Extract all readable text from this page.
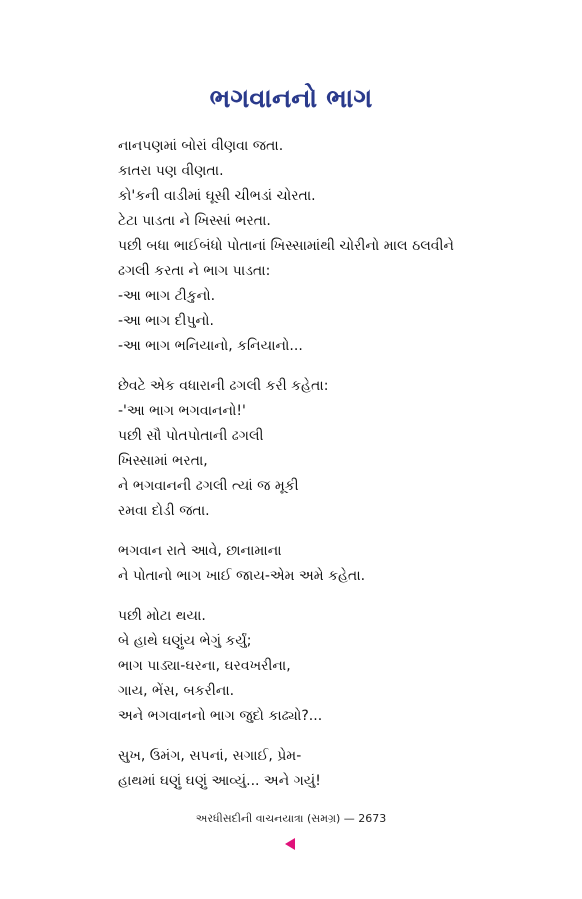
ભગવાનનો ભાગ
નાનપણમાં બોરાં વીણવા જતા.
કાતરા પણ વીણતા.
કો'કની વાડીમાં ઘૂસી ચીભડાં ચોરતા.
ટેટા પાડતા ને ખિસ્સાં ભરતા.
પછી બધા ભાઈબંધો પોતાનાં ખિસ્સામાંથી ચોરીનો માલ ઠલવીને
ઢગલી કરતા ને ભાગ પાડતા:
-આ ભાગ ટીકુનો.
-આ ભાગ દીપુનો.
-આ ભાગ ભનિયાનો, કનિયાનો...
છેવટે એક વધારાની ઢગલી કરી કહેતા:
-'આ ભાગ ભગવાનનો!'
પછી સૌ પોતપોતાની ઢગલી
ખિસ્સામાં ભરતા,
ને ભગવાનની ઢગલી ત્યાં જ મૂકી
રમવા દોડી જતા.
ભગવાન રાતે આવે, છાનામાના
ને પોતાનો ભાગ ખાઈ જાય-એમ અમે કહેતા.
પછી મોટા થયા.
બે હાથે ઘણુંય ભેગું કર્યું;
ભાગ પાડ્યા-ઘરના, ઘરવખરીના,
ગાય, ભેંસ, બકરીના.
અને ભગવાનનો ભાગ જુદો કાઢ્યો?...
સુખ, ઉમંગ, સપનાં, સગાઈ, પ્રેમ-
હાથમાં ઘણું ઘણું આવ્યું... અને ગયું!
અરધીસદીની વાચનયાત્રા (સમગ્ર) — 2673
